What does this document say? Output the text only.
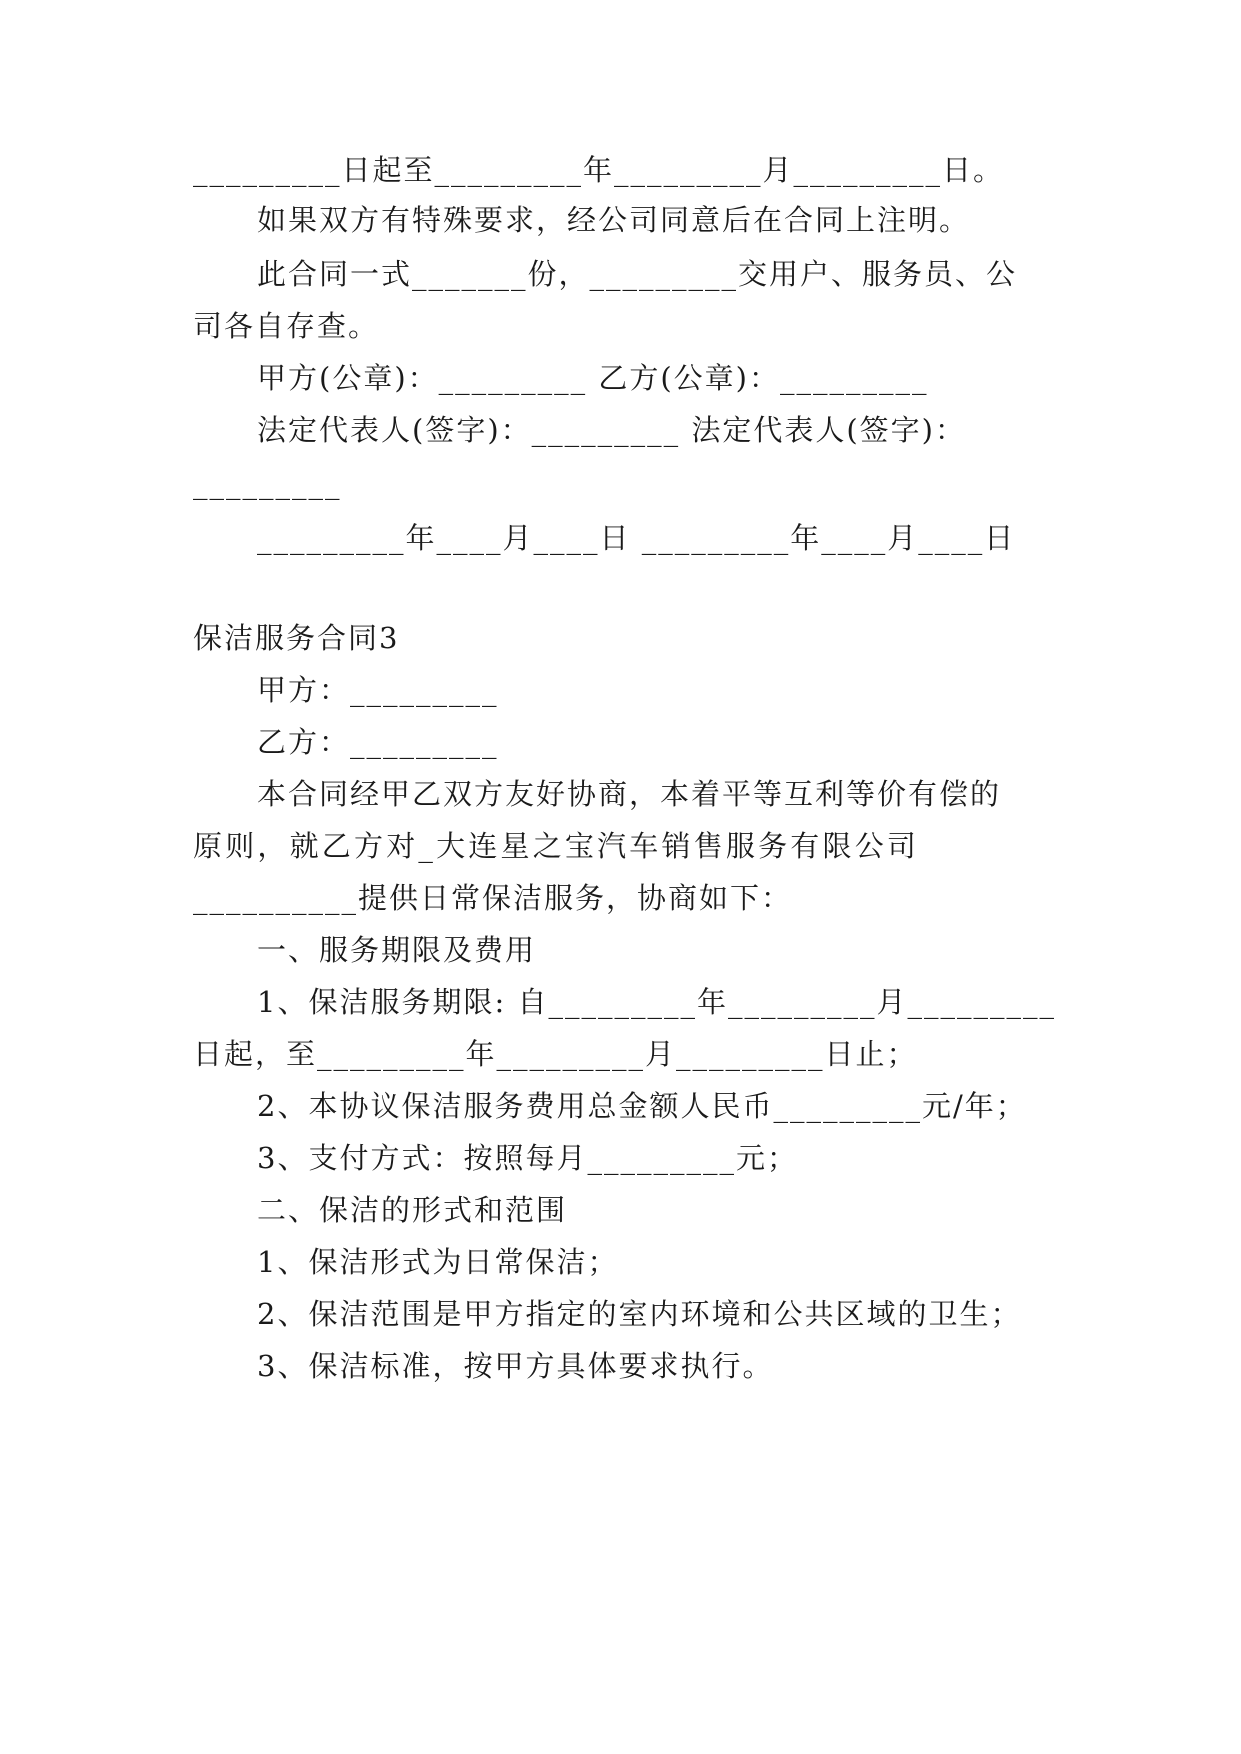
_________日起至_________年_________月_________日。
如果双方有特殊要求，经公司同意后在合同上注明。
此合同一式_______份，_________交用户、服务员、公
司各自存查。
甲方(公章)：_________ 乙方(公章)：_________
法定代表人(签字)：_________ 法定代表人(签字)：
_________
_________年____月____日 _________年____月____日
保洁服务合同3
甲方：_________
乙方：_________
本合同经甲乙双方友好协商，本着平等互利等价有偿的
原则，就乙方对_大连星之宝汽车销售服务有限公司
__________提供日常保洁服务，协商如下：
一、服务期限及费用
1、保洁服务期限: 自_________年_________月_________
日起，至_________年_________月_________日止；
2、本协议保洁服务费用总金额人民币_________元/年；
3、支付方式：按照每月_________元；
二、保洁的形式和范围
1、保洁形式为日常保洁；
2、保洁范围是甲方指定的室内环境和公共区域的卫生；
3、保洁标准，按甲方具体要求执行。
